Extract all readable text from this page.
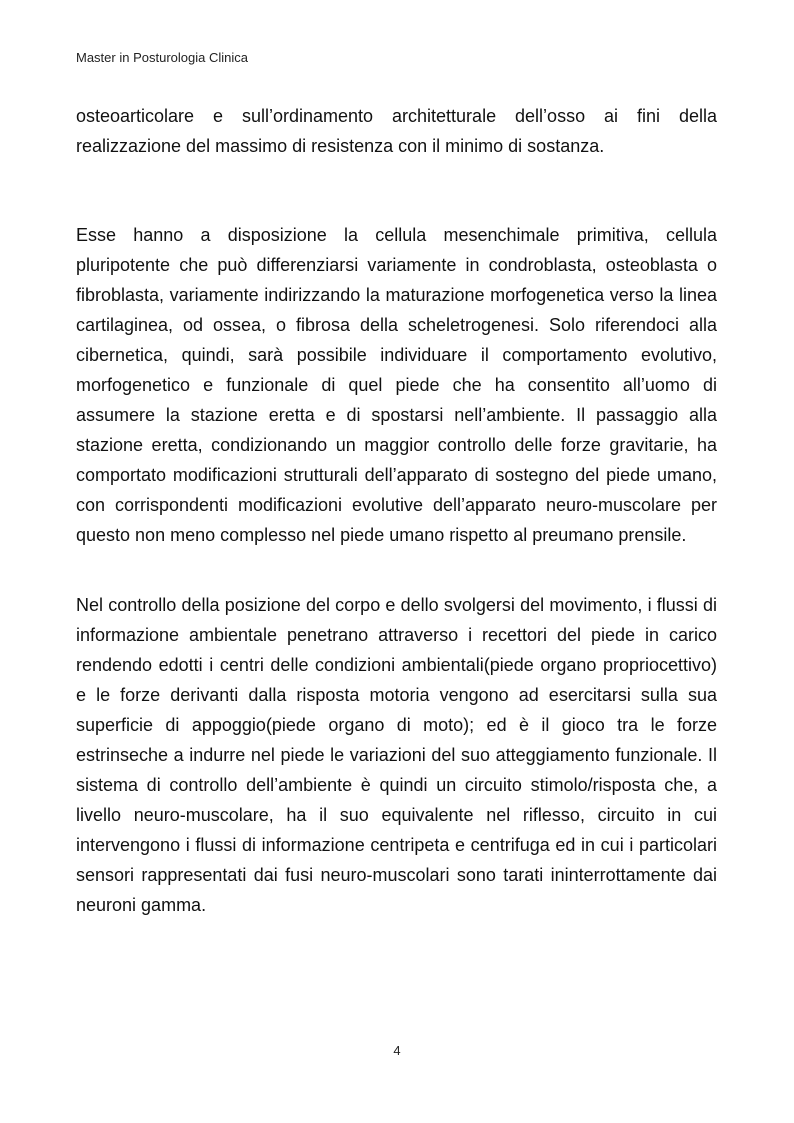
Master in Posturologia Clinica

osteoarticolare e sull’ordinamento architetturale dell’osso ai fini della realizzazione del massimo di resistenza con il minimo di sostanza.

Esse hanno a disposizione la cellula mesenchimale primitiva, cellula pluripotente che può differenziarsi variamente in condroblasta, osteoblasta o fibroblasta, variamente indirizzando la maturazione morfogenetica verso la linea cartilaginea, od ossea, o fibrosa della scheletrogenesi. Solo riferendoci alla cibernetica, quindi, sarà possibile individuare il comportamento evolutivo, morfogenetico e funzionale di quel piede che ha consentito all’uomo di assumere la stazione eretta e di spostarsi nell’ambiente. Il passaggio alla stazione eretta, condizionando un maggior controllo delle forze gravitarie, ha comportato modificazioni strutturali dell’apparato di sostegno del piede umano, con corrispondenti modificazioni evolutive dell’apparato neuro-muscolare per questo non meno complesso nel piede umano rispetto al preumano prensile.

Nel controllo della posizione del corpo e dello svolgersi del movimento, i flussi di informazione ambientale penetrano attraverso i recettori del piede in carico rendendo edotti i centri delle condizioni ambientali(piede organo propriocettivo) e le forze derivanti dalla risposta motoria vengono ad esercitarsi sulla sua superficie di appoggio(piede organo di moto); ed è il gioco tra le forze estrinseche a indurre nel piede le variazioni del suo atteggiamento funzionale. Il sistema di controllo dell’ambiente è quindi un circuito stimolo/risposta che, a livello neuro-muscolare, ha il suo equivalente nel riflesso, circuito in cui intervengono i flussi di informazione centripeta e centrifuga ed in cui i particolari sensori rappresentati dai fusi neuro-muscolari sono tarati ininterrottamente dai neuroni gamma.

4
